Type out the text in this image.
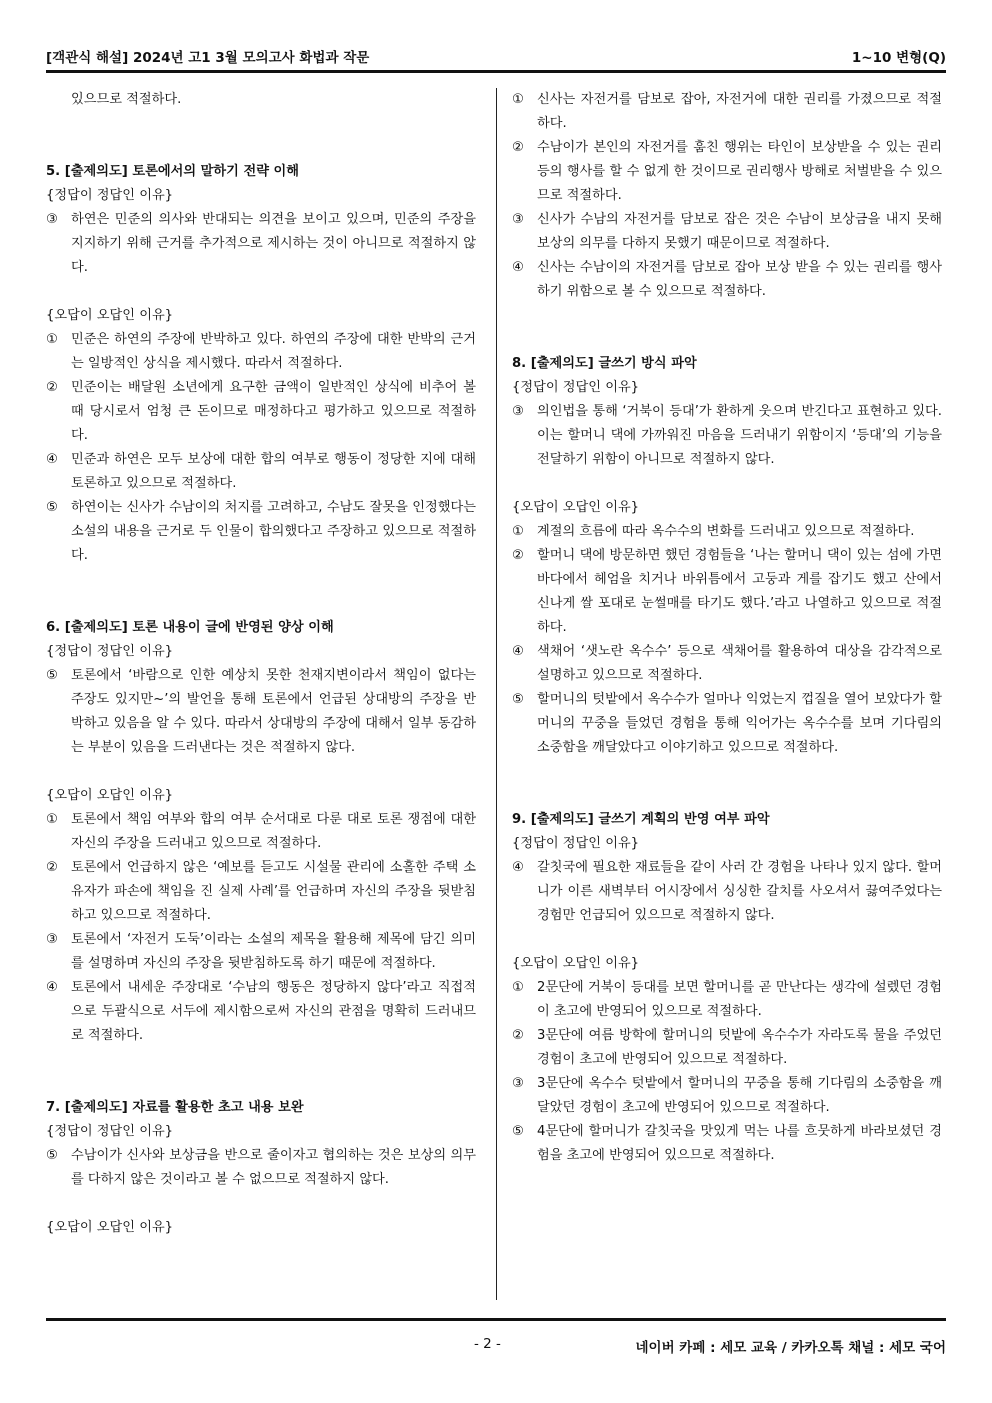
[객관식 해설] 2024년 고1 3월 모의고사 화법과 작문	1~10 변형(Q)

있으므로 적절하다.

5. [출제의도] 토론에서의 말하기 전략 이해

{정답이 정답인 이유}

③ 하연은 민준의 의사와 반대되는 의견을 보이고 있으며, 민준의 주장을 지지하기 위해 근거를 추가적으로 제시하는 것이 아니므로 적절하지 않다.

{오답이 오답인 이유}

① 민준은 하연의 주장에 반박하고 있다. 하연의 주장에 대한 반박의 근거는 일방적인 상식을 제시했다. 따라서 적절하다.
② 민준이는 배달원 소년에게 요구한 금액이 일반적인 상식에 비추어 볼 때 당시로서 엄청 큰 돈이므로 매정하다고 평가하고 있으므로 적절하다.
④ 민준과 하연은 모두 보상에 대한 합의 여부로 행동이 정당한 지에 대해 토론하고 있으므로 적절하다.
⑤ 하연이는 신사가 수남이의 처지를 고려하고, 수남도 잘못을 인정했다는 소설의 내용을 근거로 두 인물이 합의했다고 주장하고 있으므로 적절하다.

6. [출제의도] 토론 내용이 글에 반영된 양상 이해

{정답이 정답인 이유}

⑤ 토론에서 ‘바람으로 인한 예상치 못한 천재지변이라서 책임이 없다는 주장도 있지만~’의 발언을 통해 토론에서 언급된 상대방의 주장을 반박하고 있음을 알 수 있다. 따라서 상대방의 주장에 대해서 일부 동감하는 부분이 있음을 드러낸다는 것은 적절하지 않다.

{오답이 오답인 이유}

① 토론에서 책임 여부와 합의 여부 순서대로 다룬 대로 토론 쟁점에 대한 자신의 주장을 드러내고 있으므로 적절하다.
② 토론에서 언급하지 않은 ‘예보를 듣고도 시설물 관리에 소홀한 주택 소유자가 파손에 책임을 진 실제 사례’를 언급하며 자신의 주장을 뒷받침하고 있으므로 적절하다.
③ 토론에서 ‘자전거 도둑’이라는 소설의 제목을 활용해 제목에 담긴 의미를 설명하며 자신의 주장을 뒷받침하도록 하기 때문에 적절하다.
④ 토론에서 내세운 주장대로 ‘수남의 행동은 정당하지 않다’라고 직접적으로 두괄식으로 서두에 제시함으로써 자신의 관점을 명확히 드러내므로 적절하다.

7. [출제의도] 자료를 활용한 초고 내용 보완

{정답이 정답인 이유}

⑤ 수남이가 신사와 보상금을 반으로 줄이자고 협의하는 것은 보상의 의무를 다하지 않은 것이라고 볼 수 없으므로 적절하지 않다.

{오답이 오답인 이유}

① 신사는 자전거를 담보로 잡아, 자전거에 대한 권리를 가졌으므로 적절하다.
② 수남이가 본인의 자전거를 훔친 행위는 타인이 보상받을 수 있는 권리 등의 행사를 할 수 없게 한 것이므로 권리행사 방해로 처벌받을 수 있으므로 적절하다.
③ 신사가 수남의 자전거를 담보로 잡은 것은 수남이 보상금을 내지 못해 보상의 의무를 다하지 못했기 때문이므로 적절하다.
④ 신사는 수남이의 자전거를 담보로 잡아 보상 받을 수 있는 권리를 행사하기 위함으로 볼 수 있으므로 적절하다.

8. [출제의도] 글쓰기 방식 파악

{정답이 정답인 이유}

③ 의인법을 통해 ‘거북이 등대’가 환하게 웃으며 반긴다고 표현하고 있다. 이는 할머니 댁에 가까워진 마음을 드러내기 위함이지 ‘등대’의 기능을 전달하기 위함이 아니므로 적절하지 않다.

{오답이 오답인 이유}

① 계절의 흐름에 따라 옥수수의 변화를 드러내고 있으므로 적절하다.
② 할머니 댁에 방문하면 했던 경험들을 ‘나는 할머니 댁이 있는 섬에 가면 바다에서 헤엄을 치거나 바위틈에서 고둥과 게를 잡기도 했고 산에서 신나게 쌀 포대로 눈썰매를 타기도 했다.’라고 나열하고 있으므로 적절하다.
④ 색채어 ‘샛노란 옥수수’ 등으로 색채어를 활용하여 대상을 감각적으로 설명하고 있으므로 적절하다.
⑤ 할머니의 텃밭에서 옥수수가 얼마나 익었는지 껍질을 열어 보았다가 할머니의 꾸중을 들었던 경험을 통해 익어가는 옥수수를 보며 기다림의 소중함을 깨달았다고 이야기하고 있으므로 적절하다.

9. [출제의도] 글쓰기 계획의 반영 여부 파악

{정답이 정답인 이유}

④ 갈칫국에 필요한 재료들을 같이 사러 간 경험을 나타나 있지 않다. 할머니가 이른 새벽부터 어시장에서 싱싱한 갈치를 사오셔서 끓여주었다는 경험만 언급되어 있으므로 적절하지 않다.

{오답이 오답인 이유}

① 2문단에 거북이 등대를 보면 할머니를 곧 만난다는 생각에 설렜던 경험이 초고에 반영되어 있으므로 적절하다.
② 3문단에 여름 방학에 할머니의 텃밭에 옥수수가 자라도록 물을 주었던 경험이 초고에 반영되어 있으므로 적절하다.
③ 3문단에 옥수수 텃밭에서 할머니의 꾸중을 통해 기다림의 소중함을 깨달았던 경험이 초고에 반영되어 있으므로 적절하다.
⑤ 4문단에 할머니가 갈칫국을 맛있게 먹는 나를 흐뭇하게 바라보셨던 경험을 초고에 반영되어 있으므로 적절하다.
- 2 -	네이버 카페 : 세모 교육 / 카카오톡 채널 : 세모 국어
